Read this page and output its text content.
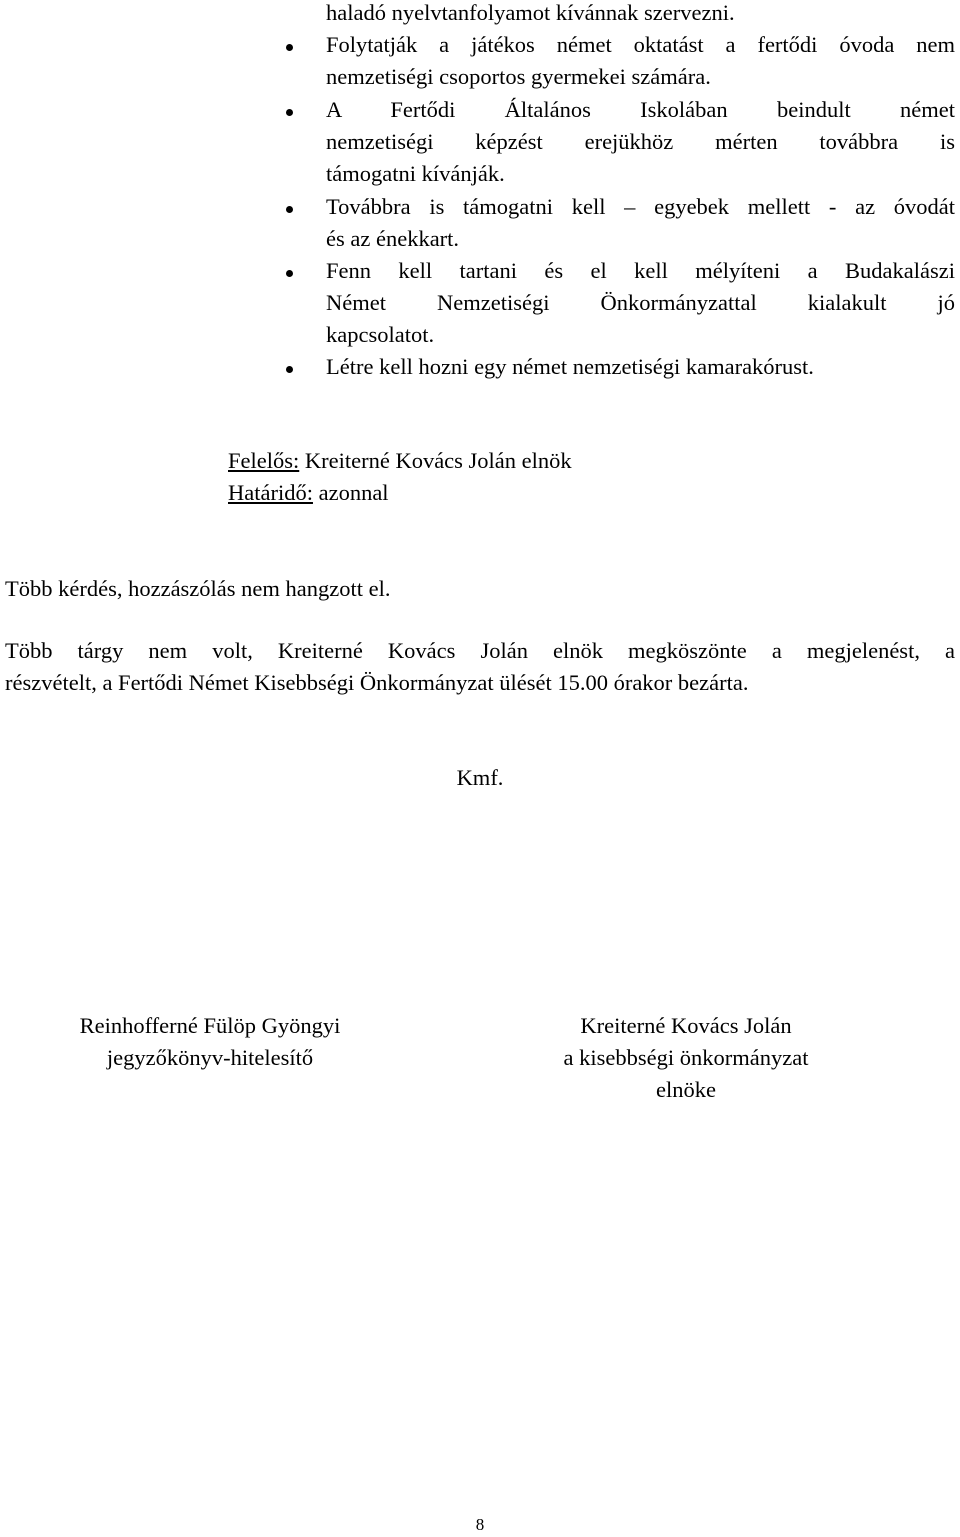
haladó nyelvtanfolyamot kívánnak szervezni.
Folytatják a játékos német oktatást a fertődi óvoda nem
nemzetiségi csoportos gyermekei számára.
A Fertődi Általános Iskolában beindult német
nemzetiségi képzést erejükhöz mérten továbbra is
támogatni kívánják.
Továbbra is támogatni kell – egyebek mellett - az óvodát
és az énekkart.
Fenn kell tartani és el kell mélyíteni a Budakalászi
Német Nemzetiségi Önkormányzattal kialakult jó
kapcsolatot.
Létre kell hozni egy német nemzetiségi kamarakórust.
Felelős: Kreiterné Kovács Jolán elnök
Határidő: azonnal
Több kérdés, hozzászólás nem hangzott el.
Több tárgy nem volt, Kreiterné Kovács Jolán elnök megköszönte a megjelenést, a
részvételt, a Fertődi Német Kisebbségi Önkormányzat ülését 15.00 órakor bezárta.
Kmf.
Reinhofferné Fülöp Gyöngyi
jegyzőkönyv-hitelesítő
Kreiterné Kovács Jolán
a kisebbségi önkormányzat
elnöke
8
